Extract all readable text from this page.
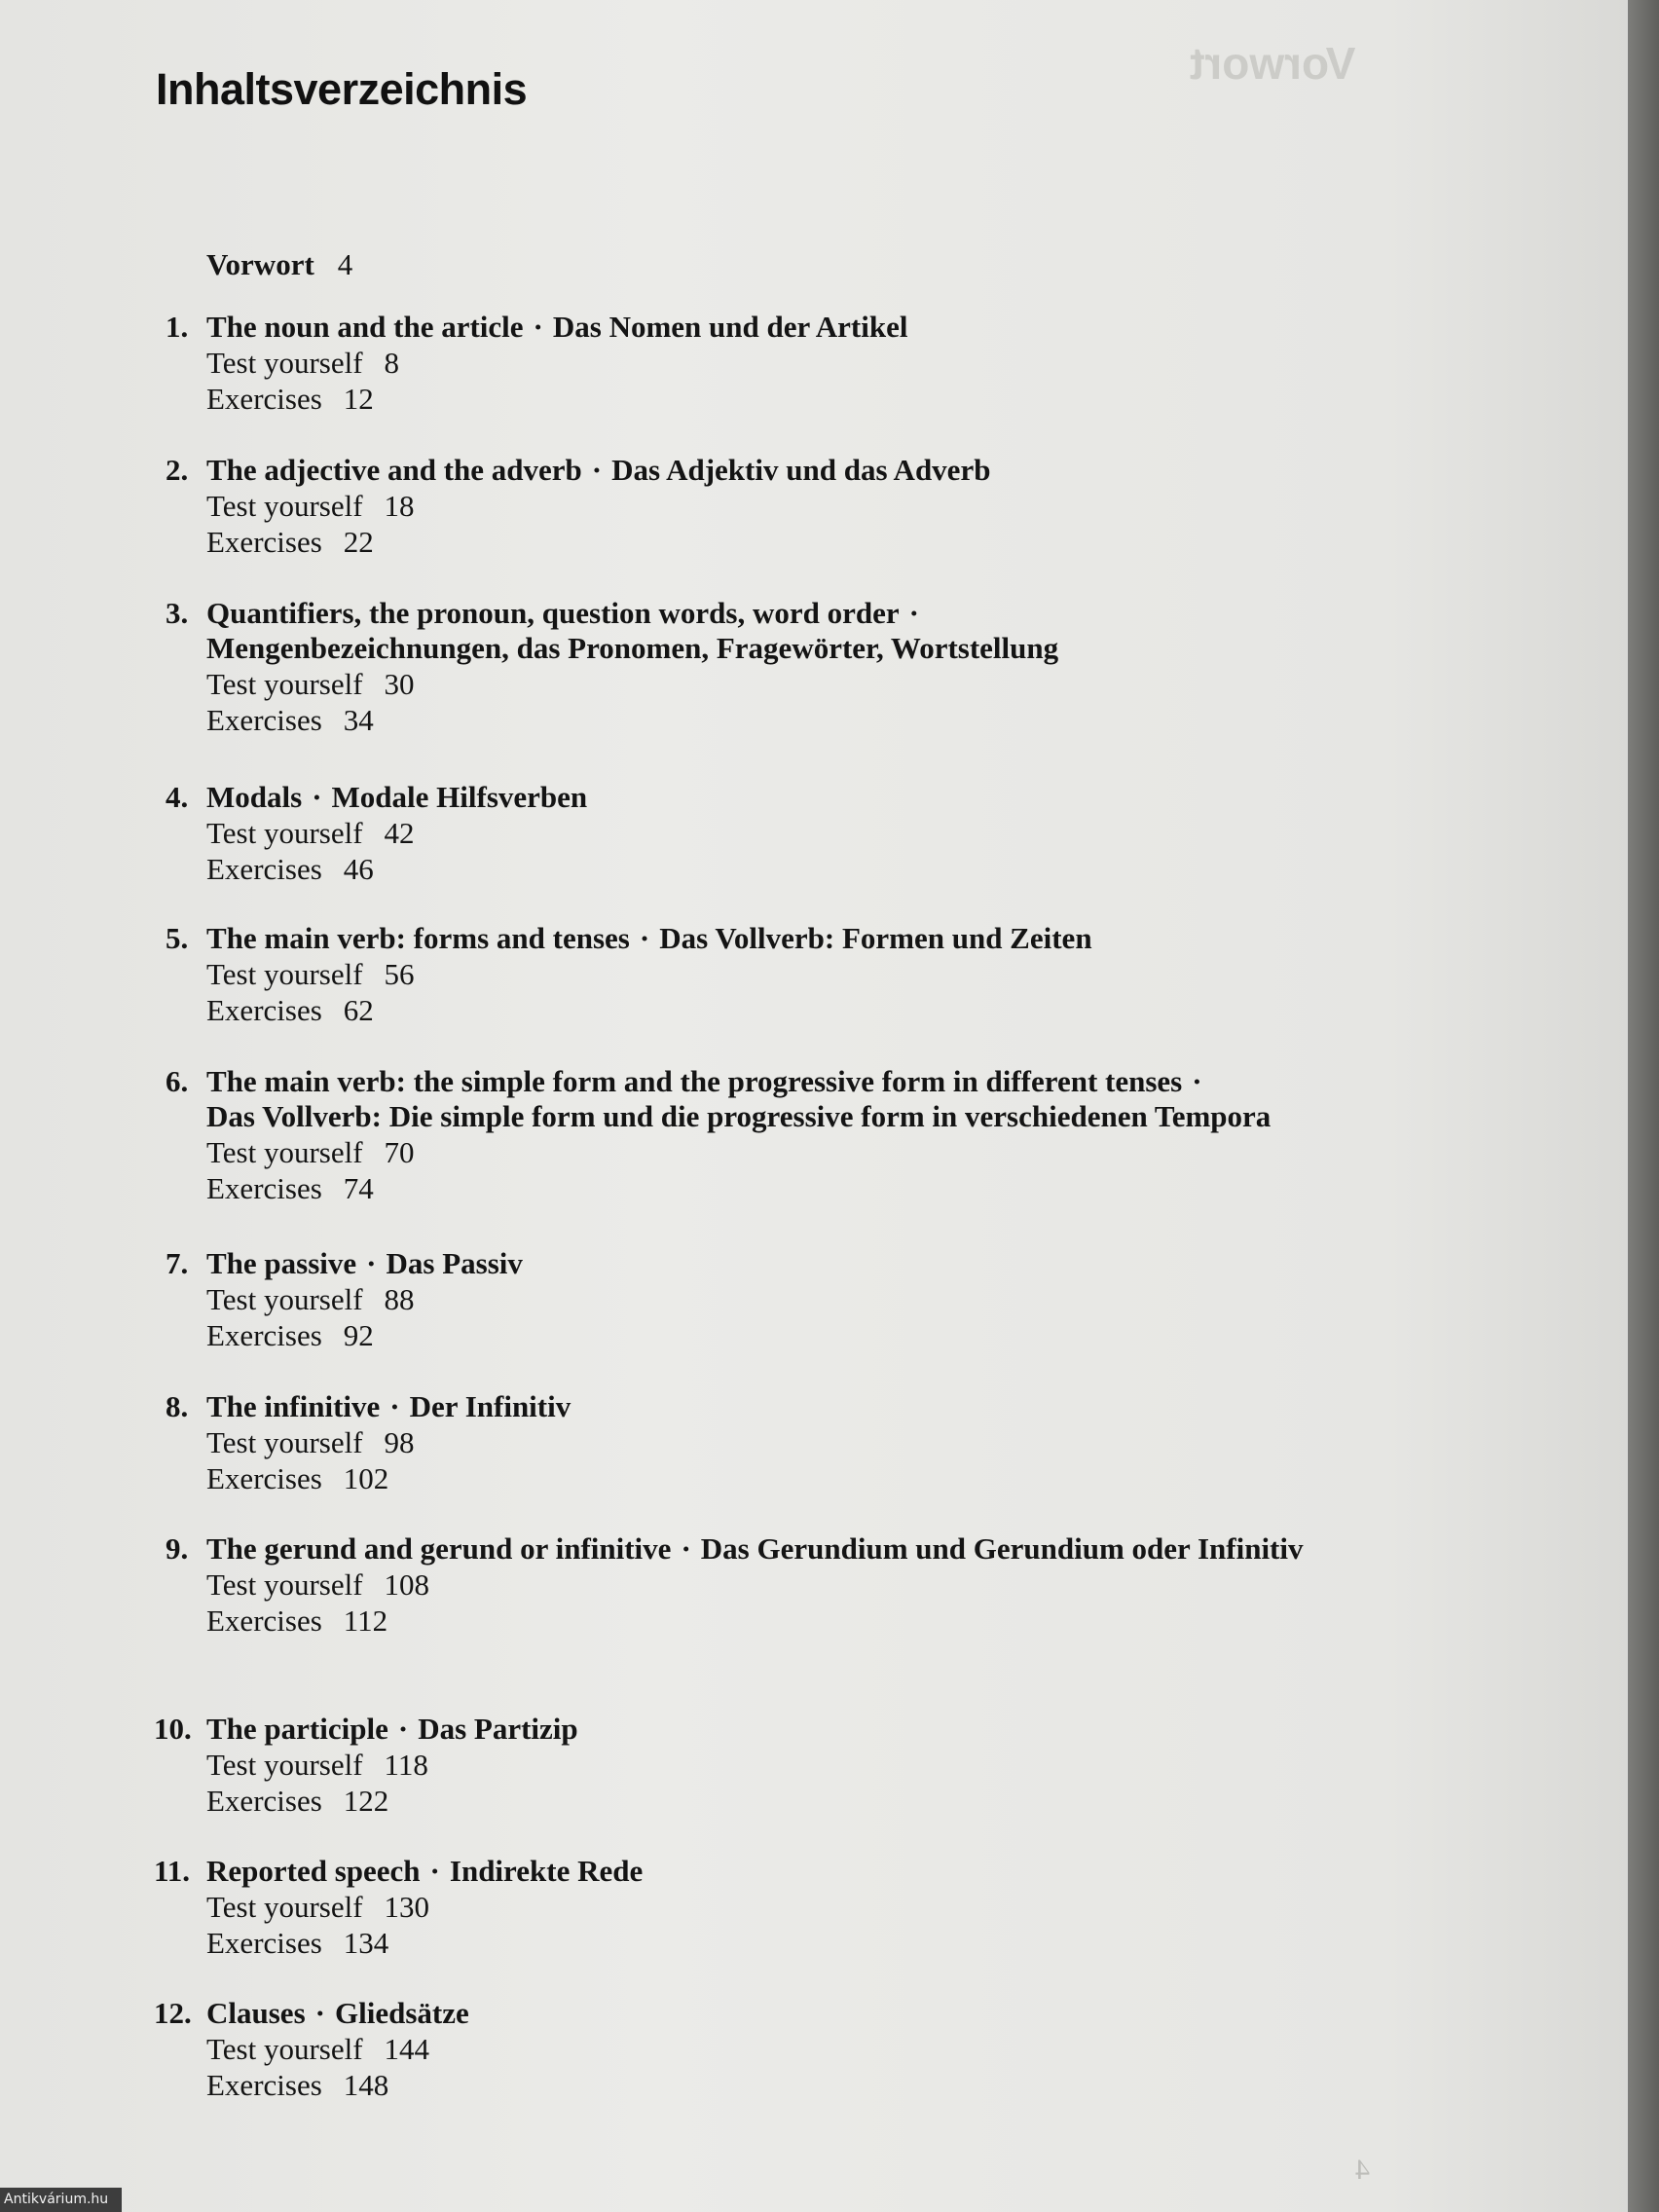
Vorwort

Inhaltsverzeichnis
Vorwort 4
1. The noun and the article · Das Nomen und der Artikel
Test yourself 8
Exercises 12
2. The adjective and the adverb · Das Adjektiv und das Adverb
Test yourself 18
Exercises 22
3. Quantifiers, the pronoun, question words, word order ·
Mengenbezeichnungen, das Pronomen, Fragewörter, Wortstellung
Test yourself 30
Exercises 34
4. Modals · Modale Hilfsverben
Test yourself 42
Exercises 46
5. The main verb: forms and tenses · Das Vollverb: Formen und Zeiten
Test yourself 56
Exercises 62
6. The main verb: the simple form and the progressive form in different tenses ·
Das Vollverb: Die simple form und die progressive form in verschiedenen Tempora
Test yourself 70
Exercises 74
7. The passive · Das Passiv
Test yourself 88
Exercises 92
8. The infinitive · Der Infinitiv
Test yourself 98
Exercises 102
9. The gerund and gerund or infinitive · Das Gerundium und Gerundium oder Infinitiv
Test yourself 108
Exercises 112
10. The participle · Das Partizip
Test yourself 118
Exercises 122
11. Reported speech · Indirekte Rede
Test yourself 130
Exercises 134
12. Clauses · Gliedsätze
Test yourself 144
Exercises 148
4
Antikvárium.hu
